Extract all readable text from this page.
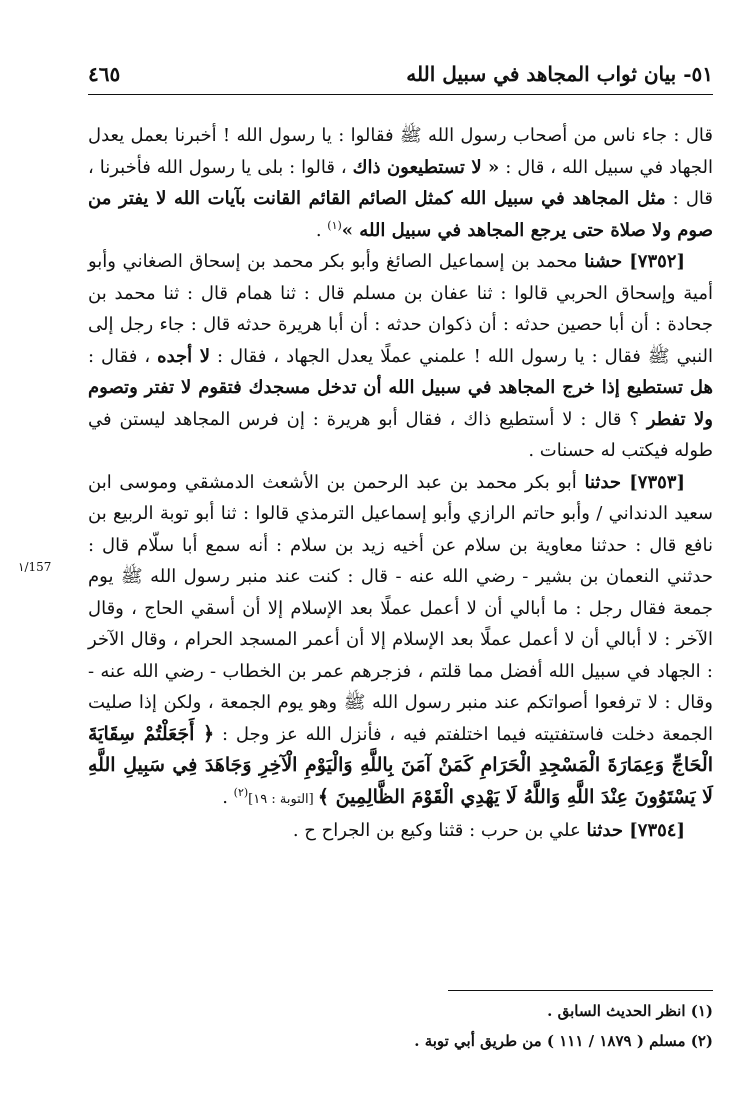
٥١- بيان ثواب المجاهد في سبيل الله
٤٦٥
١/157

قال : جاء ناس من أصحاب رسول الله ﷺ فقالوا : يا رسول الله ! أخبرنا بعمل يعدل الجهاد في سبيل الله ، قال : « لا تستطيعون ذاك ، قالوا : بلى يا رسول الله فأخبرنا ، قال : مثل المجاهد في سبيل الله كمثل الصائم القائم القانت بآيات الله لا يفتر من صوم ولا صلاة حتى يرجع المجاهد في سبيل الله »$^{(١)}$ .

[٧٣٥٢] حشنا محمد بن إسماعيل الصائغ وأبو بكر محمد بن إسحاق الصغاني وأبو أمية وإسحاق الحربي قالوا : ثنا عفان بن مسلم قال : ثنا همام قال : ثنا محمد بن جحادة : أن أبا حصين حدثه : أن ذكوان حدثه : أن أبا هريرة حدثه قال : جاء رجل إلى النبي ﷺ فقال : يا رسول الله ! علمني عملًا يعدل الجهاد ، فقال : لا أجده ، فقال : هل تستطيع إذا خرج المجاهد في سبيل الله أن تدخل مسجدك فتقوم لا تفتر وتصوم ولا تفطر ؟ قال : لا أستطيع ذاك ، فقال أبو هريرة : إن فرس المجاهد ليستن في طوله فيكتب له حسنات .

[٧٣٥٣] حدثنا أبو بكر محمد بن عبد الرحمن بن الأشعث الدمشقي وموسى ابن سعيد الدنداني / وأبو حاتم الرازي وأبو إسماعيل الترمذي قالوا : ثنا أبو توبة الربيع بن نافع قال : حدثنا معاوية بن سلام عن أخيه زيد بن سلام : أنه سمع أبا سلّام قال : حدثني النعمان بن بشير - رضي الله عنه - قال : كنت عند منبر رسول الله ﷺ يوم جمعة فقال رجل : ما أبالي أن لا أعمل عملًا بعد الإسلام إلا أن أسقي الحاج ، وقال الآخر : لا أبالي أن لا أعمل عملًا بعد الإسلام إلا أن أعمر المسجد الحرام ، وقال الآخر : الجهاد في سبيل الله أفضل مما قلتم ، فزجرهم عمر بن الخطاب - رضي الله عنه - وقال : لا ترفعوا أصواتكم عند منبر رسول الله ﷺ وهو يوم الجمعة ، ولكن إذا صليت الجمعة دخلت فاستفتيته فيما اختلفتم فيه ، فأنزل الله عز وجل : ﴿ أَجَعَلْتُمْ سِقَايَةَ الْحَاجِّ وَعِمَارَةَ الْمَسْجِدِ الْحَرَامِ كَمَنْ آمَنَ بِاللَّهِ وَالْيَوْمِ الْآخِرِ وَجَاهَدَ فِي سَبِيلِ اللَّهِ لَا يَسْتَوُونَ عِنْدَ اللَّهِ وَاللَّهُ لَا يَهْدِي الْقَوْمَ الظَّالِمِينَ ﴾ [التوبة : ١٩]$^{(٢)}$ .

[٧٣٥٤] حدثنا علي بن حرب : قثنا وكيع بن الجراح ح .

(١) انظر الحديث السابق .

(٢) مسلم ( ١٨٧٩ / ١١١ ) من طريق أبي توبة .
